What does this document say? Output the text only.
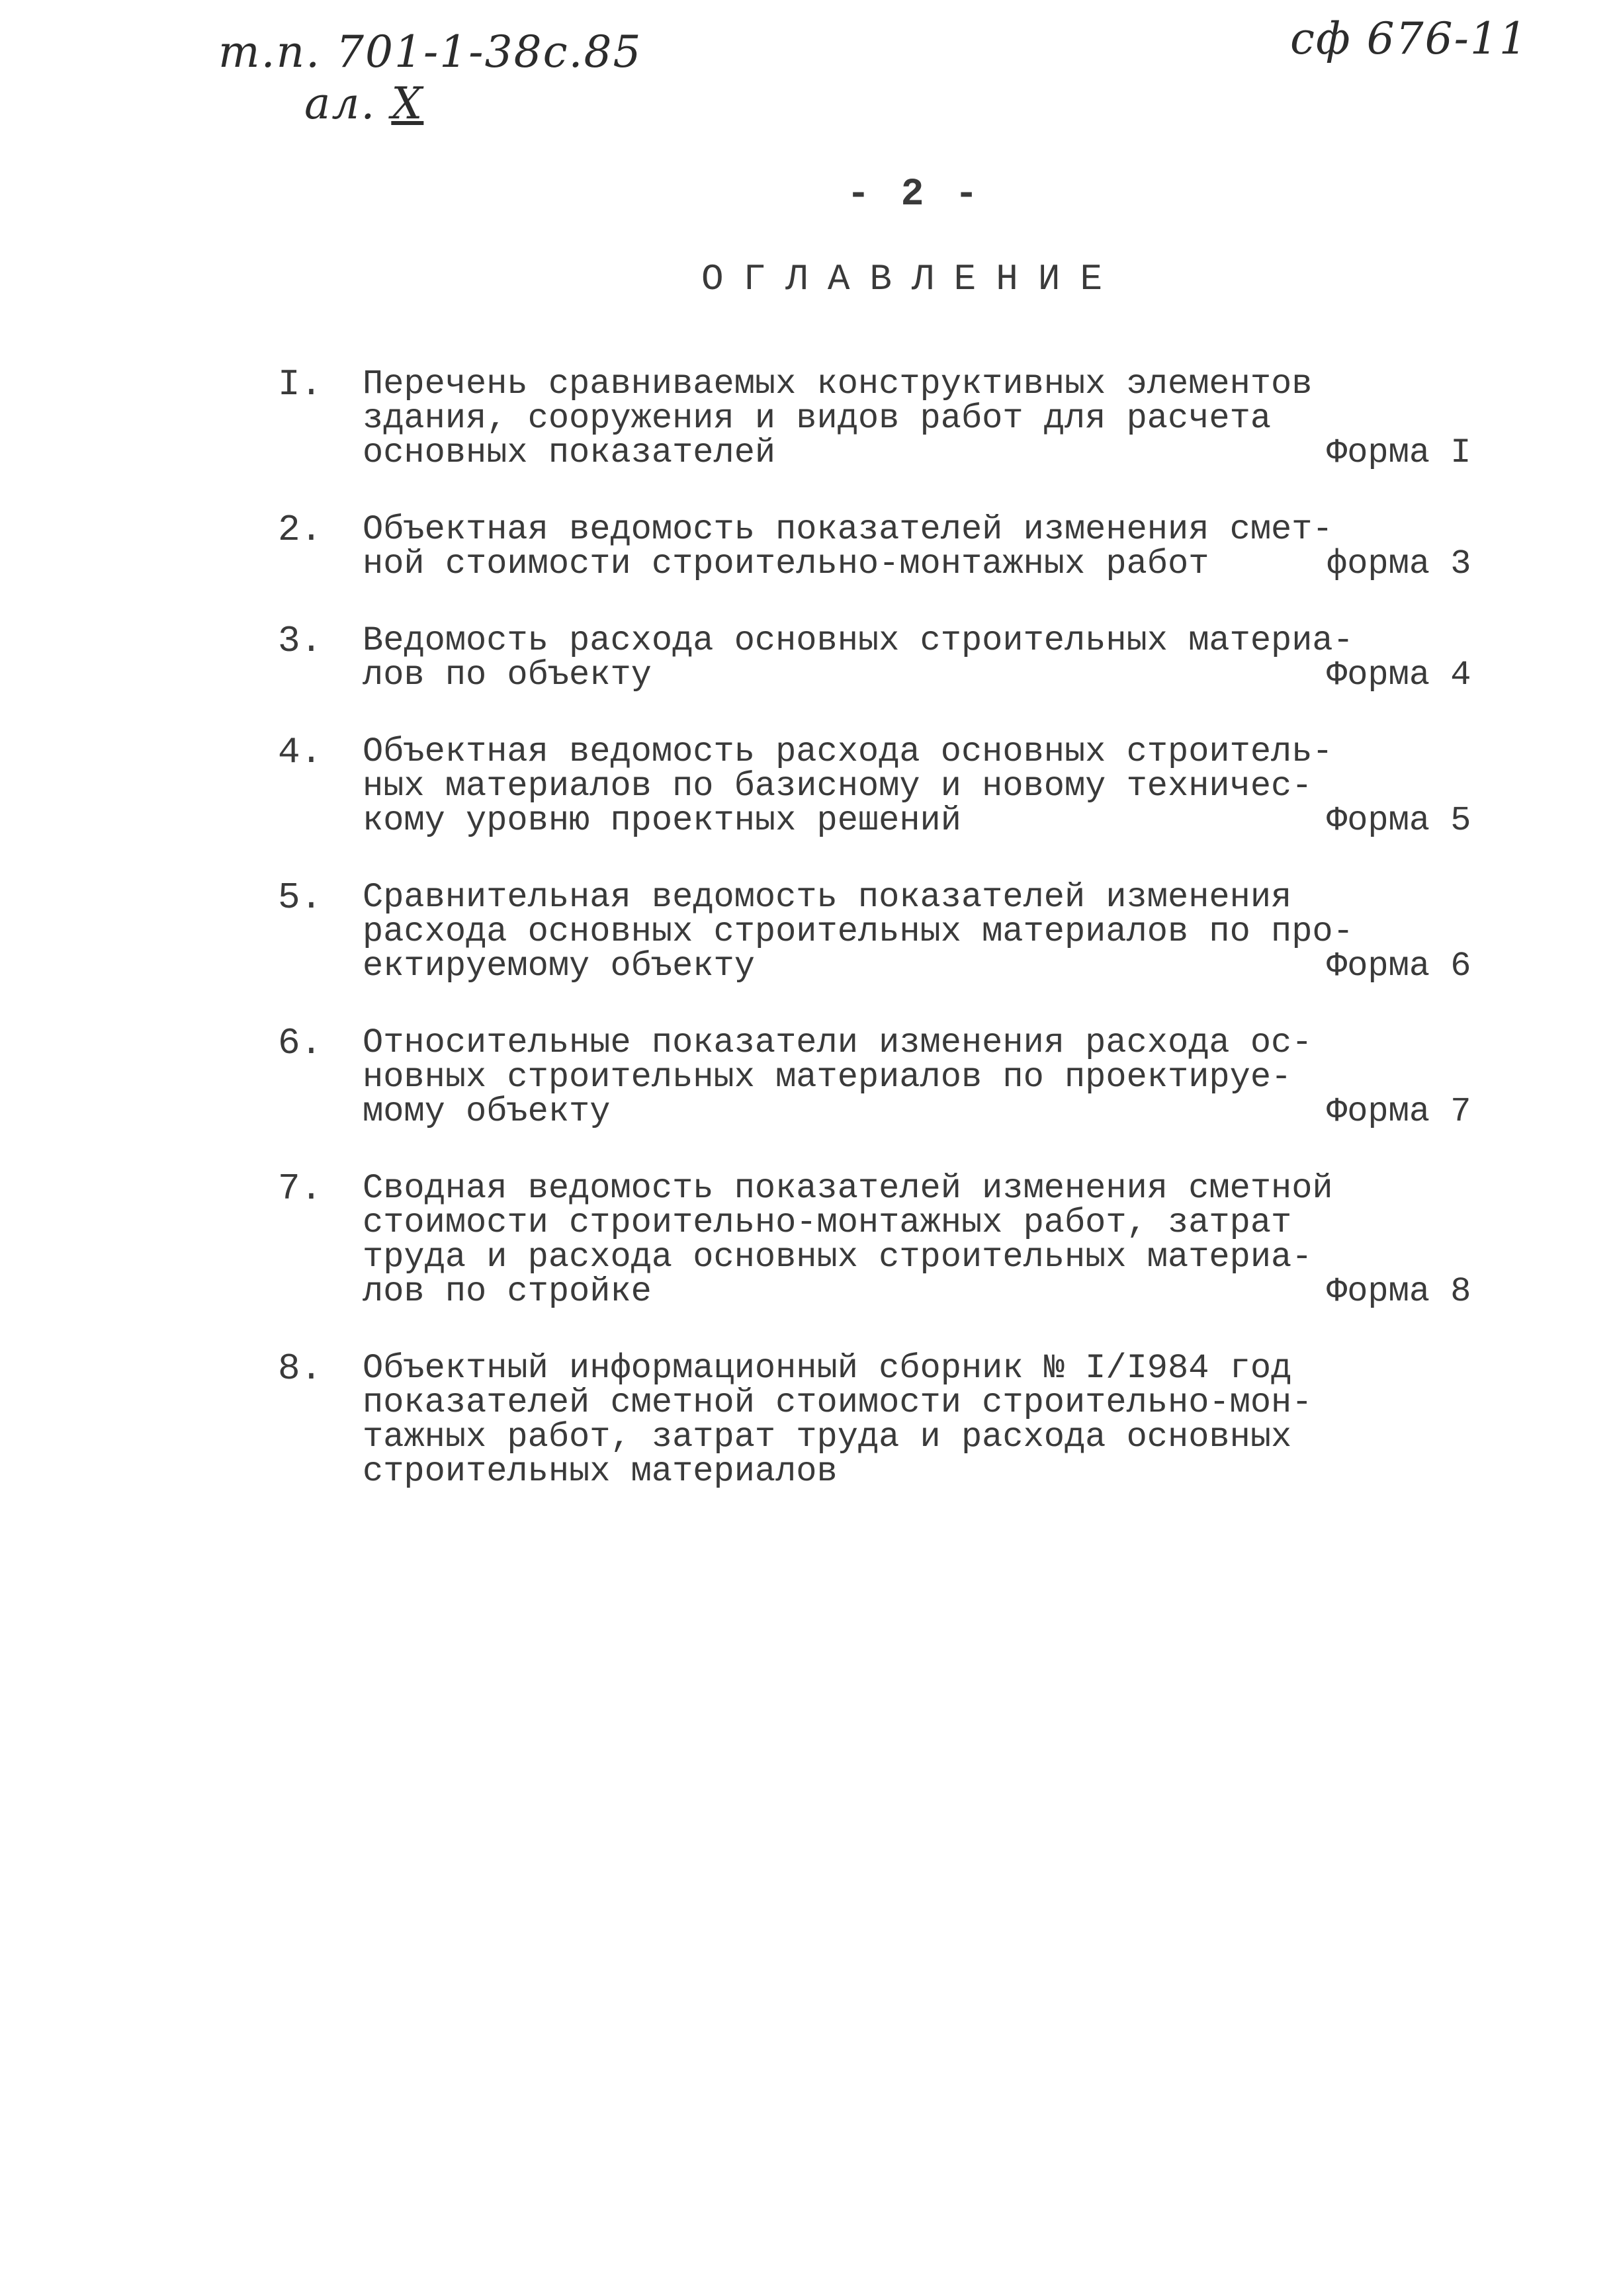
т.п. 701-1-38с.85
ал. Х
сф 676-11
- 2 -
ОГЛАВЛЕНИЕ
I. Перечень сравниваемых конструктивных элементов
здания, сооружения и видов работ для расчета
основных показателей	Форма I
2. Объектная ведомость показателей изменения смет-
ной стоимости строительно-монтажных работ	форма 3
3. Ведомость расхода основных строительных материа-
лов по объекту	Форма 4
4. Объектная ведомость расхода основных строитель-
ных материалов по базисному и новому техничес-
кому уровню проектных решений	Форма 5
5. Сравнительная ведомость показателей изменения
расхода основных строительных материалов по про-
ектируемому объекту	Форма 6
6. Относительные показатели изменения расхода ос-
новных строительных материалов по проектируе-
мому объекту	Форма 7
7. Сводная ведомость показателей изменения сметной
стоимости строительно-монтажных работ, затрат
труда и расхода основных строительных материа-
лов по стройке	Форма 8
8. Объектный информационный сборник № I/I984 год
показателей сметной стоимости строительно-мон-
тажных работ, затрат труда и расхода основных
строительных материалов
